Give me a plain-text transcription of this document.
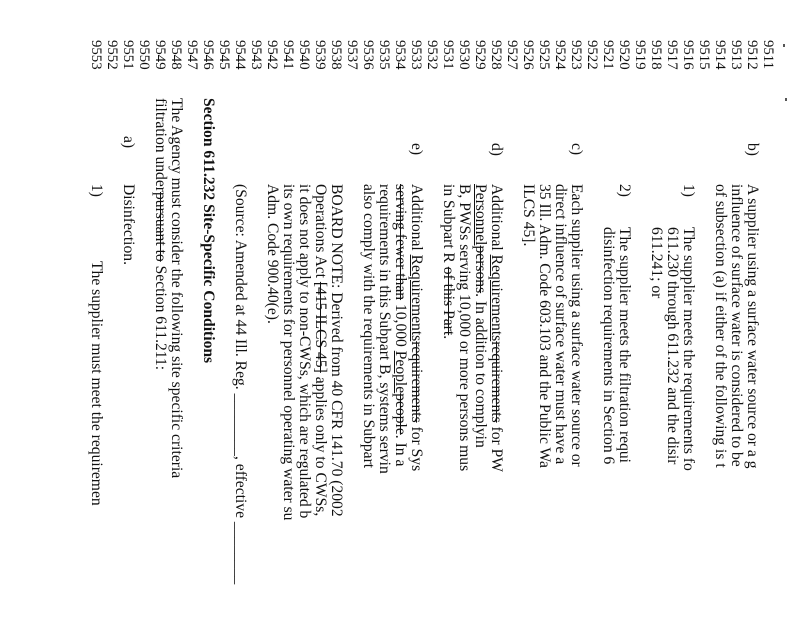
9511
9512
9513
9514
9515
9516
9517
9518
9519
9520
9521
9522
9523
9524
9525
9526
9527
9528
9529
9530
9531
9532
9533
9534
9535
9536
9537
9538
9539
9540
9541
9542
9543
9544
9545
9546
9547
9548
9549
9550
9551
9552
9553
b)
A supplier using a surface water source or a g
influence of surface water is considered to be
of subsection (a) if either of the following is t
1)
The supplier meets the requirements fo
611.230 through 611.232 and the disir
611.241; or
2)
The supplier meets the filtration requi
disinfection requirements in Section 6
c)
Each supplier using a surface water source or
direct influence of surface water must have a
35 Ill. Adm. Code 603.103 and the Public Wa
ILCS 45].
d)
Additional Requirementsrequirements for PW
Personnelpersons. In addition to complyin
B, PWSs serving 10,000 or more persons mus
in Subpart R of this Part.
e)
Additional Requirementsrequirements for Sys
serving fewer than 10,000 Peoplepeople. In a
requirements in this Subpart B, systems servin
also comply with the requirements in Subpart
BOARD NOTE: Derived from 40 CFR 141.70 (2002
Operations Act [415 ILCS 45] applies only to CWSs,
it does not apply to non-CWSs, which are regulated b
its own requirements for personnel operating water su
Adm. Code 900.40(e).
(Source: Amended at 44 Ill. Reg. ________, effective ________
Section 611.232 Site-Specific Conditions
The Agency must consider the following site specific criteria
filtration underpursuant to Section 611.211:
a)
Disinfection.
1)
The supplier must meet the requiremen
